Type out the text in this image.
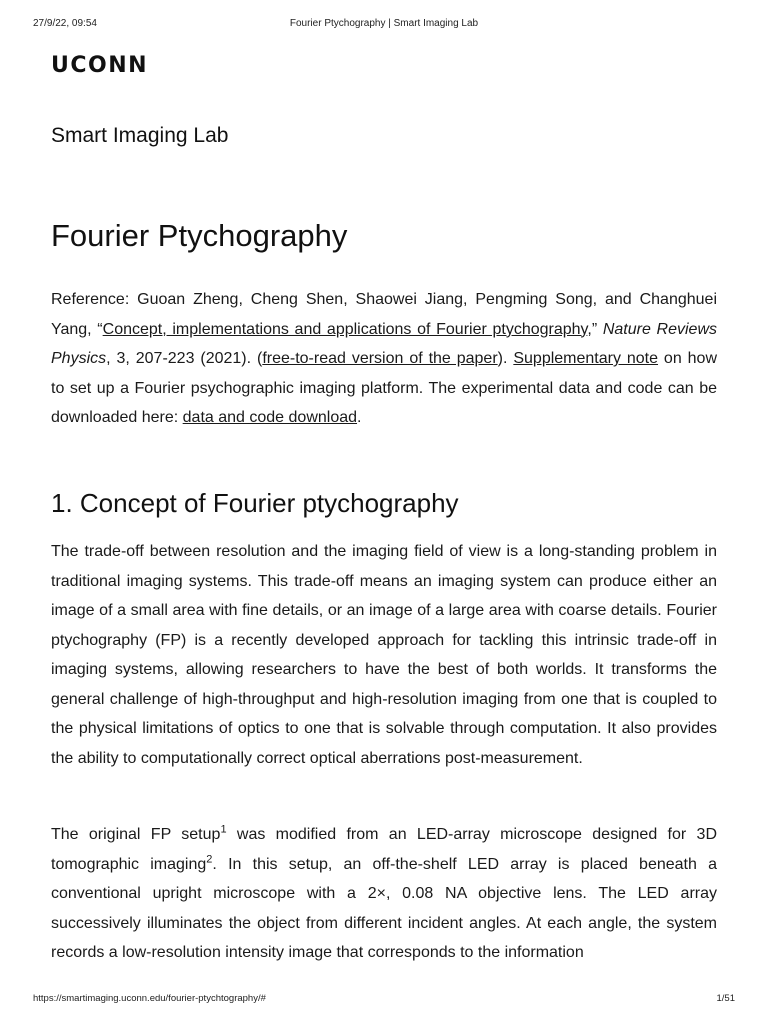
27/9/22, 09:54	Fourier Ptychography | Smart Imaging Lab
UCONN
Smart Imaging Lab
Fourier Ptychography

Reference: Guoan Zheng, Cheng Shen, Shaowei Jiang, Pengming Song, and Changhuei Yang, “Concept, implementations and applications of Fourier ptychography,” Nature Reviews Physics, 3, 207-223 (2021). (free-to-read version of the paper). Supplementary note on how to set up a Fourier psychographic imaging platform. The experimental data and code can be downloaded here: data and code download.

1. Concept of Fourier ptychography

The trade-off between resolution and the imaging field of view is a long-standing problem in traditional imaging systems. This trade-off means an imaging system can produce either an image of a small area with fine details, or an image of a large area with coarse details. Fourier ptychography (FP) is a recently developed approach for tackling this intrinsic trade-off in imaging systems, allowing researchers to have the best of both worlds. It transforms the general challenge of high-throughput and high-resolution imaging from one that is coupled to the physical limitations of optics to one that is solvable through computation. It also provides the ability to computationally correct optical aberrations post-measurement.

The original FP setup$^1$ was modified from an LED-array microscope designed for 3D tomographic imaging$^2$. In this setup, an off-the-shelf LED array is placed beneath a conventional upright microscope with a 2×, 0.08 NA objective lens. The LED array successively illuminates the object from different incident angles. At each angle, the system records a low-resolution intensity image that corresponds to the information

https://smartimaging.uconn.edu/fourier-ptychtography/#	1/51
